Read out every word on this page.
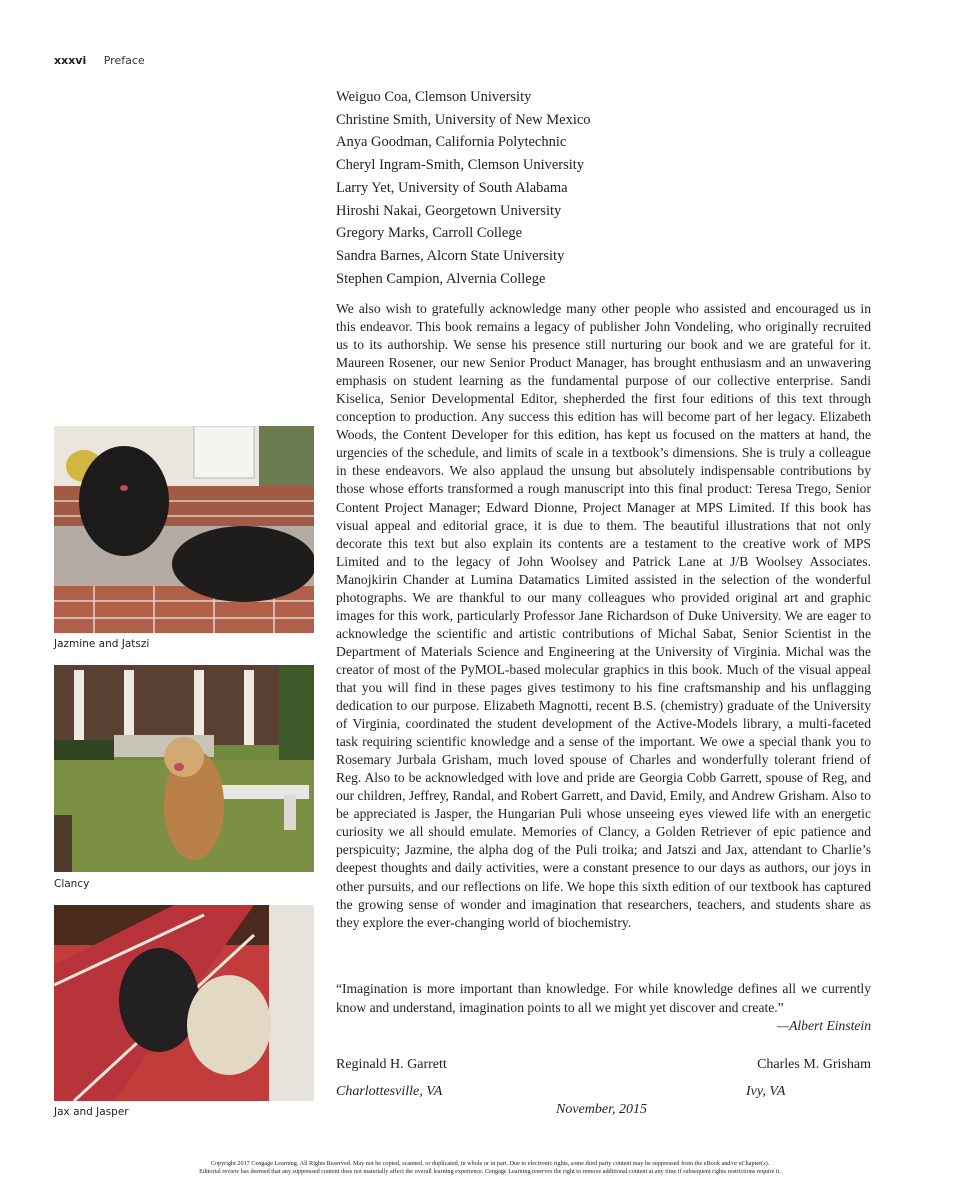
xxxvi Preface
Weiguo Coa, Clemson University
Christine Smith, University of New Mexico
Anya Goodman, California Polytechnic
Cheryl Ingram-Smith, Clemson University
Larry Yet, University of South Alabama
Hiroshi Nakai, Georgetown University
Gregory Marks, Carroll College
Sandra Barnes, Alcorn State University
Stephen Campion, Alvernia College

We also wish to gratefully acknowledge many other people who assisted and encouraged us in this endeavor. This book remains a legacy of publisher John Vondeling, who originally recruited us to its authorship. We sense his presence still nurturing our book and we are grateful for it. Maureen Rosener, our new Senior Product Manager, has brought enthusiasm and an unwavering emphasis on student learning as the fundamental purpose of our collective enterprise. Sandi Kiselica, Senior Developmental Editor, shepherded the first four editions of this text through conception to production. Any success this edition has will become part of her legacy. Elizabeth Woods, the Content Developer for this edition, has kept us focused on the matters at hand, the urgencies of the schedule, and limits of scale in a textbook’s dimensions. She is truly a colleague in these endeavors. We also applaud the unsung but absolutely indispensable contributions by those whose efforts transformed a rough manuscript into this final product: Teresa Trego, Senior Content Project Manager; Edward Dionne, Project Manager at MPS Limited. If this book has visual appeal and editorial grace, it is due to them. The beautiful illustrations that not only decorate this text but also explain its contents are a testament to the creative work of MPS Limited and to the legacy of John Woolsey and Patrick Lane at J/B Woolsey Associates. Manojkirin Chander at Lumina Datamatics Limited assisted in the selection of the wonderful photographs. We are thankful to our many colleagues who provided original art and graphic images for this work, particularly Professor Jane Richardson of Duke University. We are eager to acknowledge the scientific and artistic contributions of Michal Sabat, Senior Scientist in the Department of Materials Science and Engineering at the University of Virginia. Michal was the creator of most of the PyMOL-based molecular graphics in this book. Much of the visual appeal that you will find in these pages gives testimony to his fine craftsmanship and his unflagging dedication to our purpose. Elizabeth Magnotti, recent B.S. (chemistry) graduate of the University of Virginia, coordinated the student development of the Active-Models library, a multi-faceted task requiring scientific knowledge and a sense of the important. We owe a special thank you to Rosemary Jurbala Grisham, much loved spouse of Charles and wonderfully tolerant friend of Reg. Also to be acknowledged with love and pride are Georgia Cobb Garrett, spouse of Reg, and our children, Jeffrey, Randal, and Robert Garrett, and David, Emily, and Andrew Grisham. Also to be appreciated is Jasper, the Hungarian Puli whose unseeing eyes viewed life with an energetic curiosity we all should emulate. Memories of Clancy, a Golden Retriever of epic patience and perspicuity; Jazmine, the alpha dog of the Puli troika; and Jatszi and Jax, attendant to Charlie’s deepest thoughts and daily activities, were a constant presence to our days as authors, our joys in other pursuits, and our reflections on life. We hope this sixth edition of our textbook has captured the growing sense of wonder and imagination that researchers, teachers, and students share as they explore the ever-changing world of biochemistry.

“Imagination is more important than knowledge. For while knowledge defines all we currently know and understand, imagination points to all we might yet discover and create.”
—Albert Einstein
Reginald H. Garrett
Charlottesville, VA
Charles M. Grisham
Ivy, VA
November, 2015
Jazmine and Jatszi
Clancy
Jax and Jasper
Copyright 2017 Cengage Learning. All Rights Reserved. May not be copied, scanned, or duplicated, in whole or in part. Due to electronic rights, some third party content may be suppressed from the eBook and/or eChapter(s).
Editorial review has deemed that any suppressed content does not materially affect the overall learning experience. Cengage Learning reserves the right to remove additional content at any time if subsequent rights restrictions require it.
